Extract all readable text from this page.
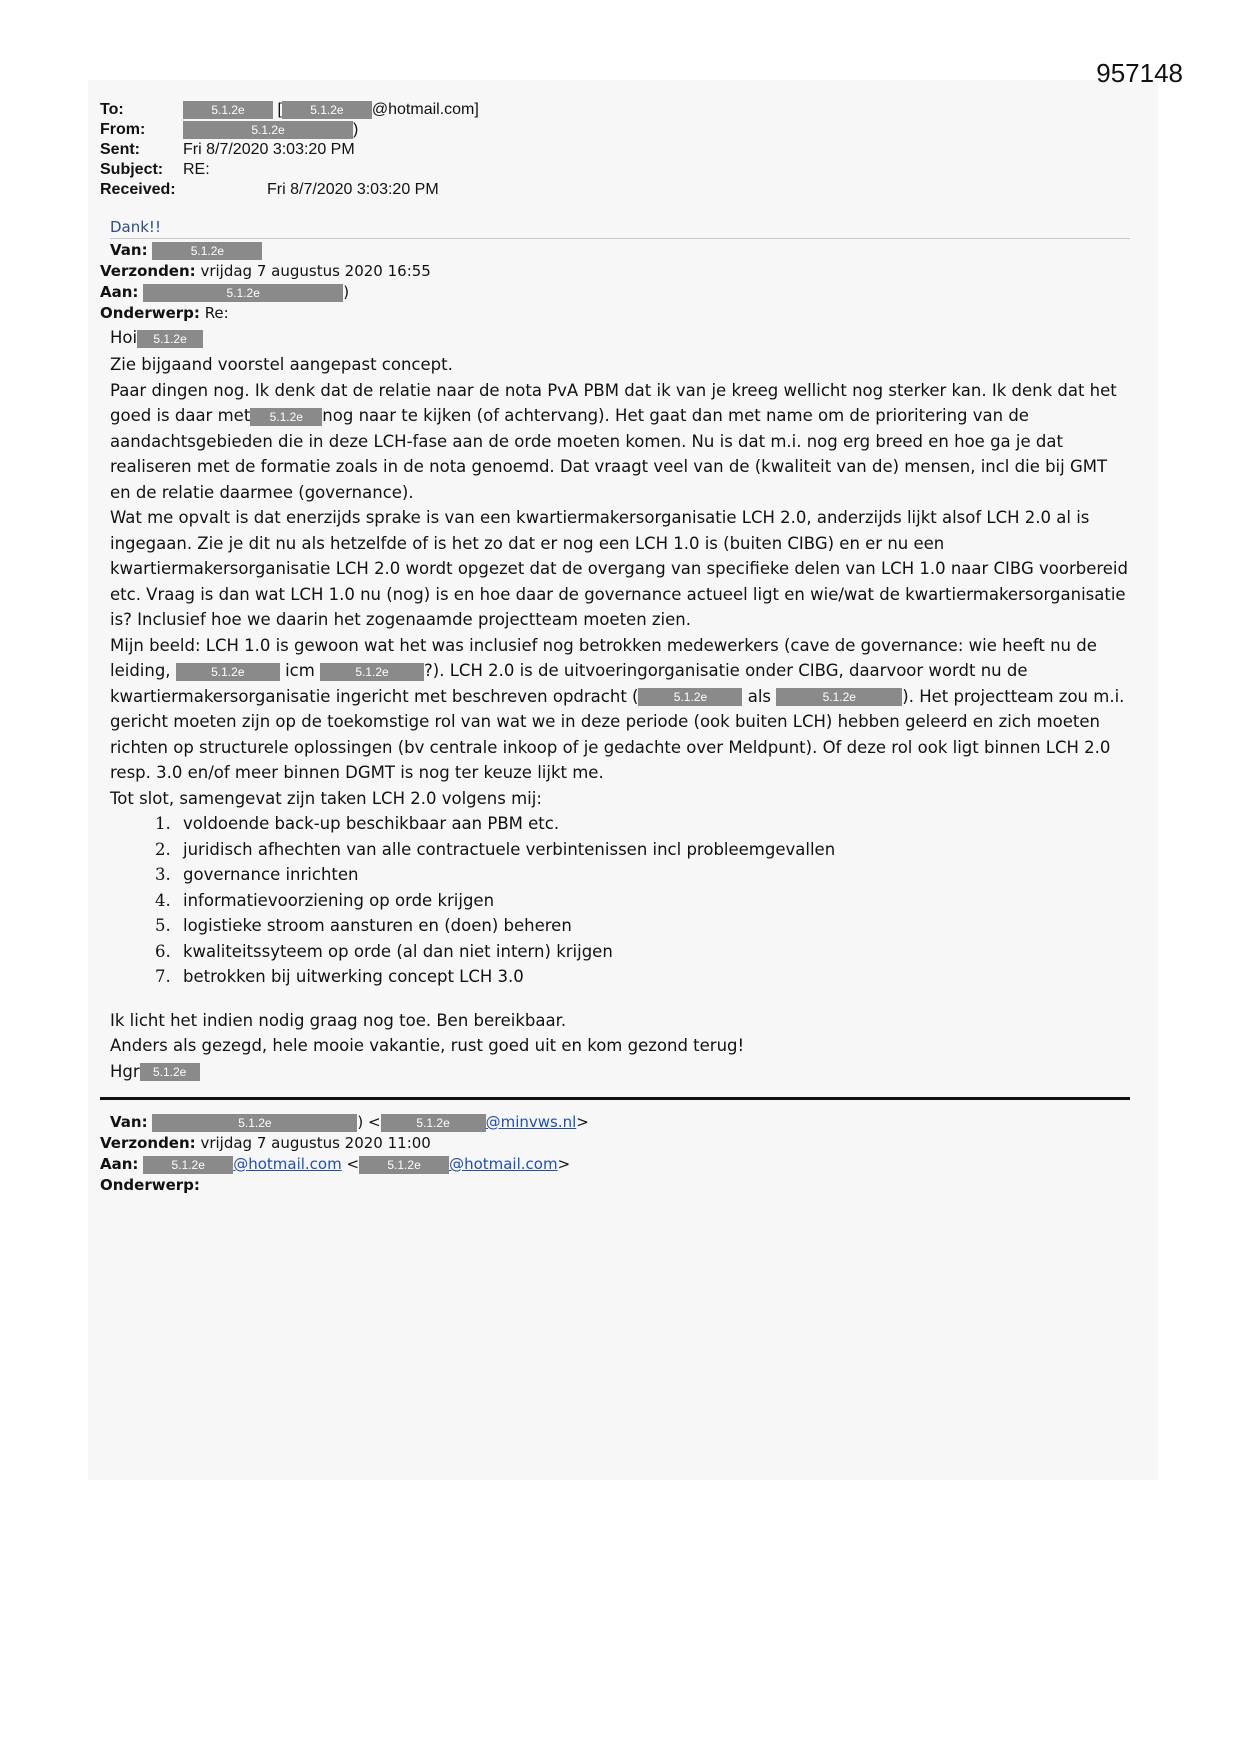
957148
To:	5.1.2e [ 5.1.2e @hotmail.com]
From:	5.1.2e	)
Sent:	Fri 8/7/2020 3:03:20 PM
Subject: RE:
Received:	Fri 8/7/2020 3:03:20 PM
Dank!!
Van:	5.1.2e
Verzonden: vrijdag 7 augustus 2020 16:55
Aan:	5.1.2e	)
Onderwerp: Re:
Hoi 5.1.2e

Zie bijgaand voorstel aangepast concept.

Paar dingen nog. Ik denk dat de relatie naar de nota PvA PBM dat ik van je kreeg wellicht nog sterker kan. Ik denk dat het goed is daar met 5.1.2e nog naar te kijken (of achtervang). Het gaat dan met name om de prioritering van de aandachtsgebieden die in deze LCH-fase aan de orde moeten komen. Nu is dat m.i. nog erg breed en hoe ga je dat realiseren met de formatie zoals in de nota genoemd. Dat vraagt veel van de (kwaliteit van de) mensen, incl die bij GMT en de relatie daarmee (governance).

Wat me opvalt is dat enerzijds sprake is van een kwartiermakersorganisatie LCH 2.0, anderzijds lijkt alsof LCH 2.0 al is ingegaan. Zie je dit nu als hetzelfde of is het zo dat er nog een LCH 1.0 is (buiten CIBG) en er nu een kwartiermakersorganisatie LCH 2.0 wordt opgezet dat de overgang van specifieke delen van LCH 1.0 naar CIBG voorbereid etc. Vraag is dan wat LCH 1.0 nu (nog) is en hoe daar de governance actueel ligt en wie/wat de kwartiermakersorganisatie is? Inclusief hoe we daarin het zogenaamde projectteam moeten zien.

Mijn beeld: LCH 1.0 is gewoon wat het was inclusief nog betrokken medewerkers (cave de governance: wie heeft nu de leiding,	5.1.2e icm	5.1.2e ?). LCH 2.0 is de uitvoeringorganisatie onder CIBG, daarvoor wordt nu de kwartiermakersorganisatie ingericht met beschreven opdracht (	5.1.2e als	5.1.2e	). Het projectteam zou m.i. gericht moeten zijn op de toekomstige rol van wat we in deze periode (ook buiten LCH) hebben geleerd en zich moeten richten op structurele oplossingen (bv centrale inkoop of je gedachte over Meldpunt). Of deze rol ook ligt binnen LCH 2.0 resp. 3.0 en/of meer binnen DGMT is nog ter keuze lijkt me.

Tot slot, samengevat zijn taken LCH 2.0 volgens mij:

1. voldoende back-up beschikbaar aan PBM etc.
2. juridisch afhechten van alle contractuele verbintenissen incl probleemgevallen
3. governance inrichten
4. informatievoorziening op orde krijgen
5. logistieke stroom aansturen en (doen) beheren
6. kwaliteitssyteem op orde (al dan niet intern) krijgen
7. betrokken bij uitwerking concept LCH 3.0

Ik licht het indien nodig graag nog toe. Ben bereikbaar.

Anders als gezegd, hele mooie vakantie, rust goed uit en kom gezond terug!

Hgr 5.1.2e

Van:	5.1.2e	) <	5.1.2e @minvws.nl>
Verzonden: vrijdag 7 augustus 2020 11:00
Aan:	5.1.2e @hotmail.com < 5.1.2e @hotmail.com>
Onderwerp:
